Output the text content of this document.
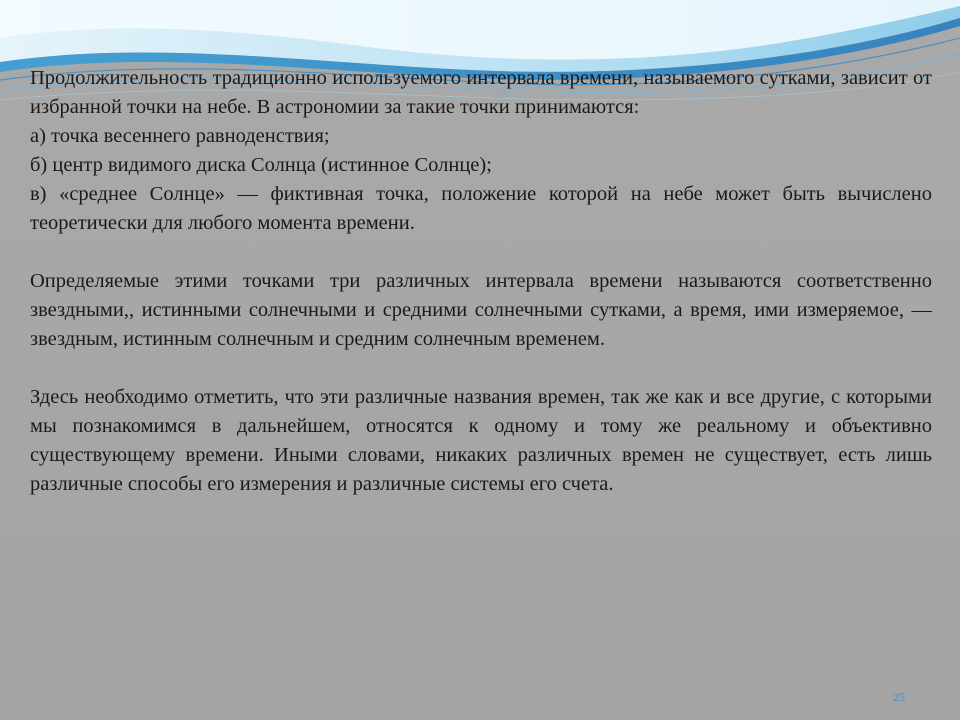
Продолжительность традиционно используемого интервала времени, называемого сутками, зависит от избранной точки на небе. В астрономии за такие точки принимаются:
а) точка весеннего равноденствия;
б) центр видимого диска Солнца (истинное Солнце);
в) «среднее Солнце» — фиктивная точка, положение которой на небе может быть вычислено теоретически для любого момента времени.

Определяемые этими точками три различных интервала времени называются соответственно звездными,, истинными солнечными и средними солнечными сутками, а время, ими измеряемое, — звездным, истинным солнечным и средним солнечным временем.

Здесь необходимо отметить, что эти различные названия времен, так же как и все другие, с которыми мы познакомимся в дальнейшем, относятся к одному и тому же реальному и объективно существующему времени. Иными словами, никаких различных времен не существует, есть лишь различные способы его измерения и различные системы его счета.

25
